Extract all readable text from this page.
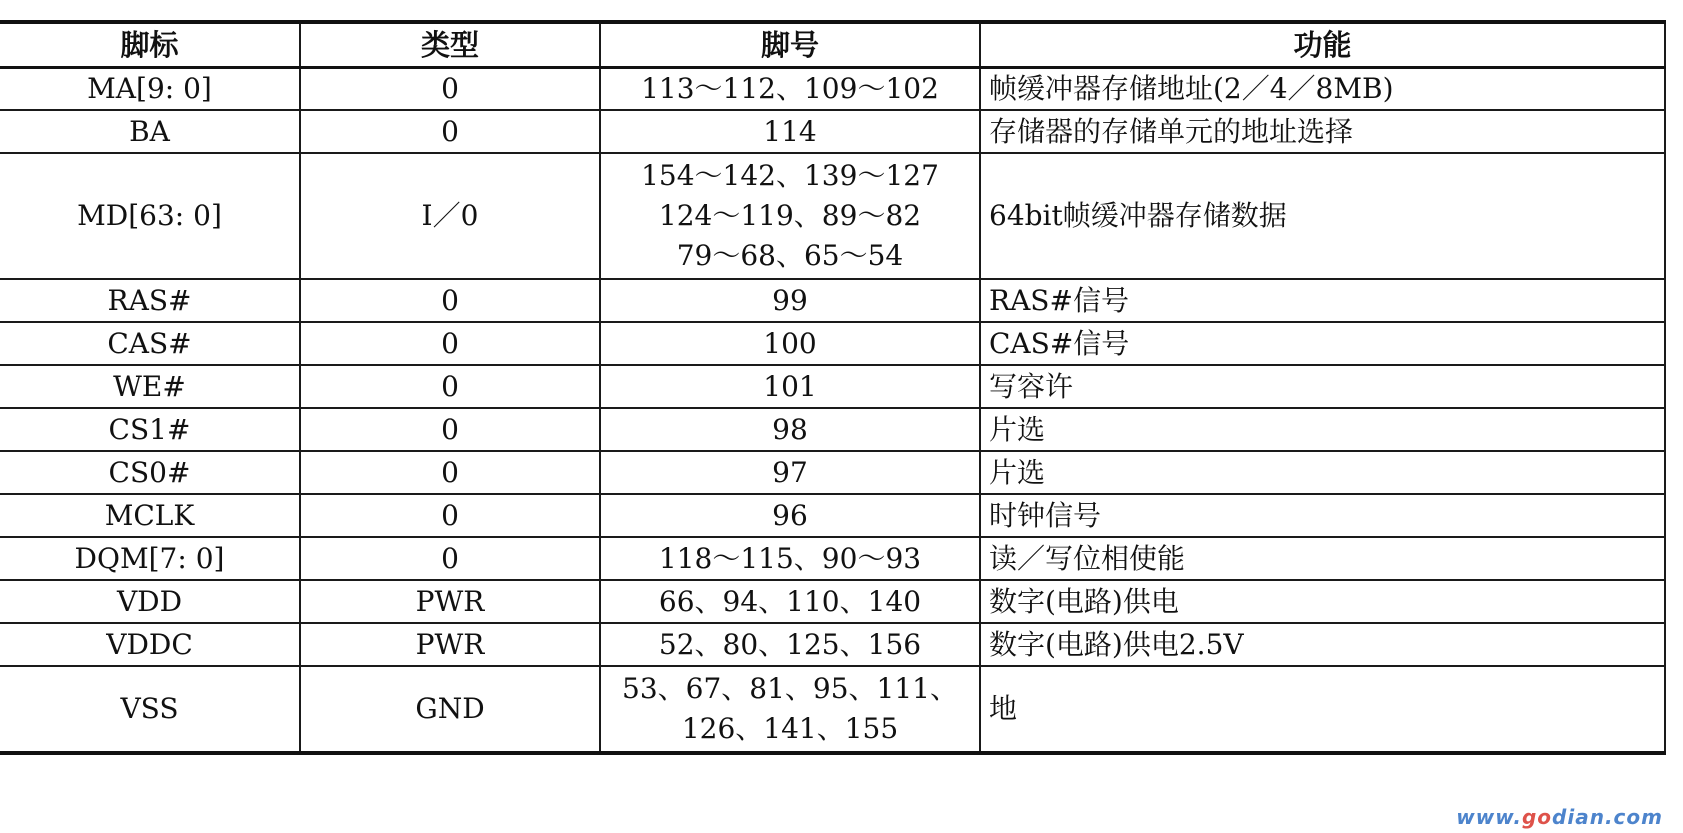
脚标	类型	脚号	功能
MA[9: 0]	0	113～112、109～102	帧缓冲器存储地址(2／4／8MB)
BA	0	114	存储器的存储单元的地址选择
MD[63: 0]	I／0	154～142、139～127
124～119、89～82
79～68、65～54	64bit帧缓冲器存储数据
RAS#	0	99	RAS#信号
CAS#	0	100	CAS#信号
WE#	0	101	写容许
CS1#	0	98	片选
CS0#	0	97	片选
MCLK	0	96	时钟信号
DQM[7: 0]	0	118～115、90～93	读／写位相使能
VDD	PWR	66、94、110、140	数字(电路)供电
VDDC	PWR	52、80、125、156	数字(电路)供电2.5V
VSS	GND	53、67、81、95、111、
126、141、155	地
www.godian.com
